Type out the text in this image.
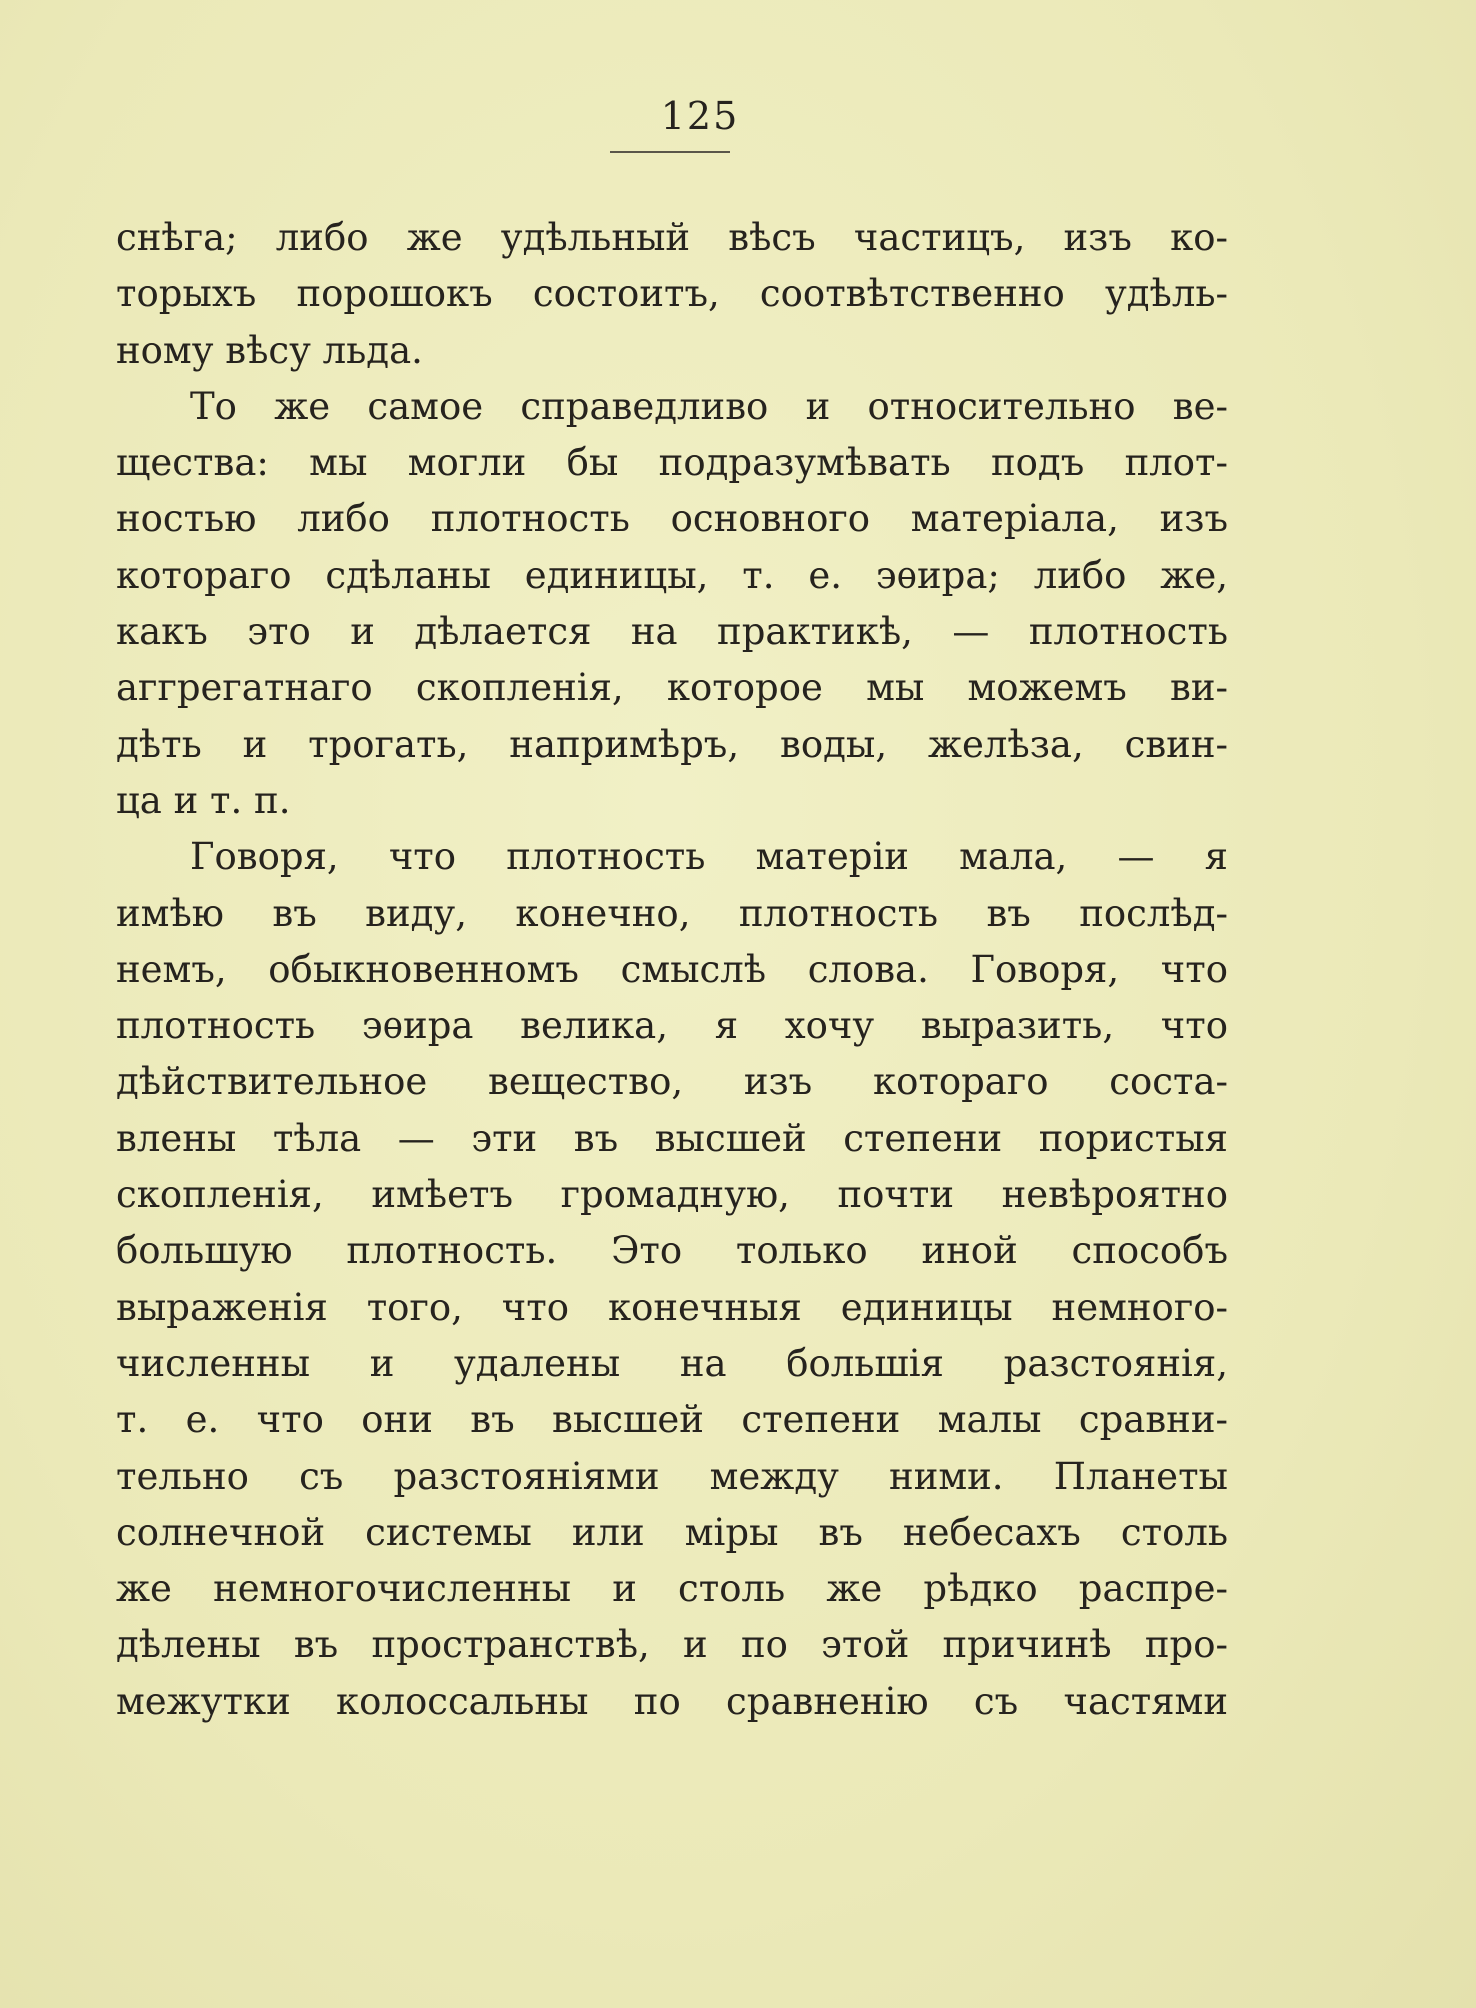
125
снѣга; либо же удѣльный вѣсъ частицъ, изъ ко-
торыхъ порошокъ состоитъ, соотвѣтственно удѣль-
ному вѣсу льда.
То же самое справедливо и относительно ве-
щества: мы могли бы подразумѣвать подъ плот-
ностью либо плотность основного матеріала, изъ
котораго сдѣланы единицы, т. е. эѳира; либо же,
какъ это и дѣлается на практикѣ, — плотность
аггрегатнаго скопленія, которое мы можемъ ви-
дѣть и трогать, напримѣръ, воды, желѣза, свин-
ца и т. п.
Говоря, что плотность матеріи мала, — я
имѣю въ виду, конечно, плотность въ послѣд-
немъ, обыкновенномъ смыслѣ слова. Говоря, что
плотность эѳира велика, я хочу выразить, что
дѣйствительное вещество, изъ котораго соста-
влены тѣла — эти въ высшей степени пористыя
скопленія, имѣетъ громадную, почти невѣроятно
большую плотность. Это только иной способъ
выраженія того, что конечныя единицы немного-
численны и удалены на большія разстоянія,
т. е. что они въ высшей степени малы сравни-
тельно съ разстояніями между ними. Планеты
солнечной системы или міры въ небесахъ столь
же немногочисленны и столь же рѣдко распре-
дѣлены въ пространствѣ, и по этой причинѣ про-
межутки колоссальны по сравненію съ частями
